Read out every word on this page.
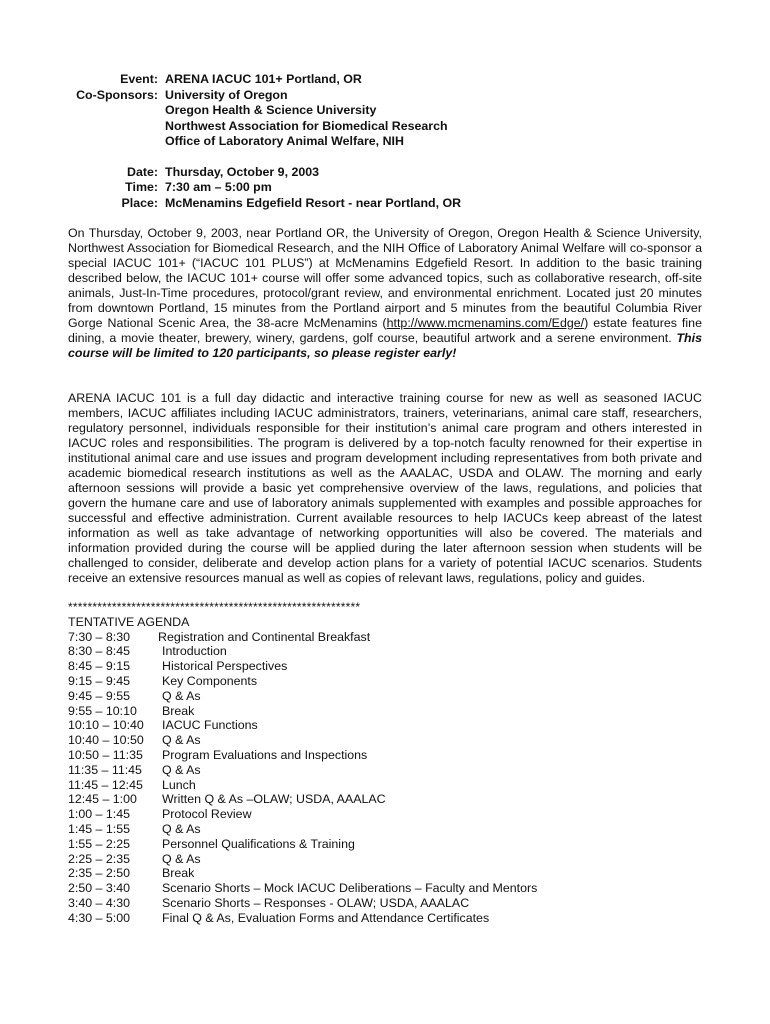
Event: ARENA IACUC 101+ Portland, OR
Co-Sponsors: University of Oregon
Oregon Health & Science University
Northwest Association for Biomedical Research
Office of Laboratory Animal Welfare, NIH
Date: Thursday, October 9, 2003
Time: 7:30 am – 5:00 pm
Place: McMenamins Edgefield Resort - near Portland, OR

On Thursday, October 9, 2003, near Portland OR, the University of Oregon, Oregon Health & Science University, Northwest Association for Biomedical Research, and the NIH Office of Laboratory Animal Welfare will co-sponsor a special IACUC 101+ (“IACUC 101 PLUS”) at McMenamins Edgefield Resort. In addition to the basic training described below, the IACUC 101+ course will offer some advanced topics, such as collaborative research, off-site animals, Just-In-Time procedures, protocol/grant review, and environmental enrichment. Located just 20 minutes from downtown Portland, 15 minutes from the Portland airport and 5 minutes from the beautiful Columbia River Gorge National Scenic Area, the 38-acre McMenamins (http://www.mcmenamins.com/Edge/) estate features fine dining, a movie theater, brewery, winery, gardens, golf course, beautiful artwork and a serene environment. This course will be limited to 120 participants, so please register early!

ARENA IACUC 101 is a full day didactic and interactive training course for new as well as seasoned IACUC members, IACUC affiliates including IACUC administrators, trainers, veterinarians, animal care staff, researchers, regulatory personnel, individuals responsible for their institution’s animal care program and others interested in IACUC roles and responsibilities. The program is delivered by a top-notch faculty renowned for their expertise in institutional animal care and use issues and program development including representatives from both private and academic biomedical research institutions as well as the AAALAC, USDA and OLAW. The morning and early afternoon sessions will provide a basic yet comprehensive overview of the laws, regulations, and policies that govern the humane care and use of laboratory animals supplemented with examples and possible approaches for successful and effective administration. Current available resources to help IACUCs keep abreast of the latest information as well as take advantage of networking opportunities will also be covered. The materials and information provided during the course will be applied during the later afternoon session when students will be challenged to consider, deliberate and develop action plans for a variety of potential IACUC scenarios. Students receive an extensive resources manual as well as copies of relevant laws, regulations, policy and guides.

************************************************************
TENTATIVE AGENDA
7:30 – 8:30	Registration and Continental Breakfast
8:30 – 8:45	Introduction
8:45 – 9:15	Historical Perspectives
9:15 – 9:45	Key Components
9:45 – 9:55	Q & As
9:55 – 10:10	Break
10:10 – 10:40	IACUC Functions
10:40 – 10:50	Q & As
10:50 – 11:35	Program Evaluations and Inspections
11:35 – 11:45	Q & As
11:45 – 12:45	Lunch
12:45 – 1:00	Written Q & As –OLAW; USDA, AAALAC
1:00 – 1:45	Protocol Review
1:45 – 1:55	Q & As
1:55 – 2:25	Personnel Qualifications & Training
2:25 – 2:35	Q & As
2:35 – 2:50	Break
2:50 – 3:40	Scenario Shorts – Mock IACUC Deliberations – Faculty and Mentors
3:40 – 4:30	Scenario Shorts – Responses - OLAW; USDA, AAALAC
4:30 – 5:00	Final Q & As, Evaluation Forms and Attendance Certificates
